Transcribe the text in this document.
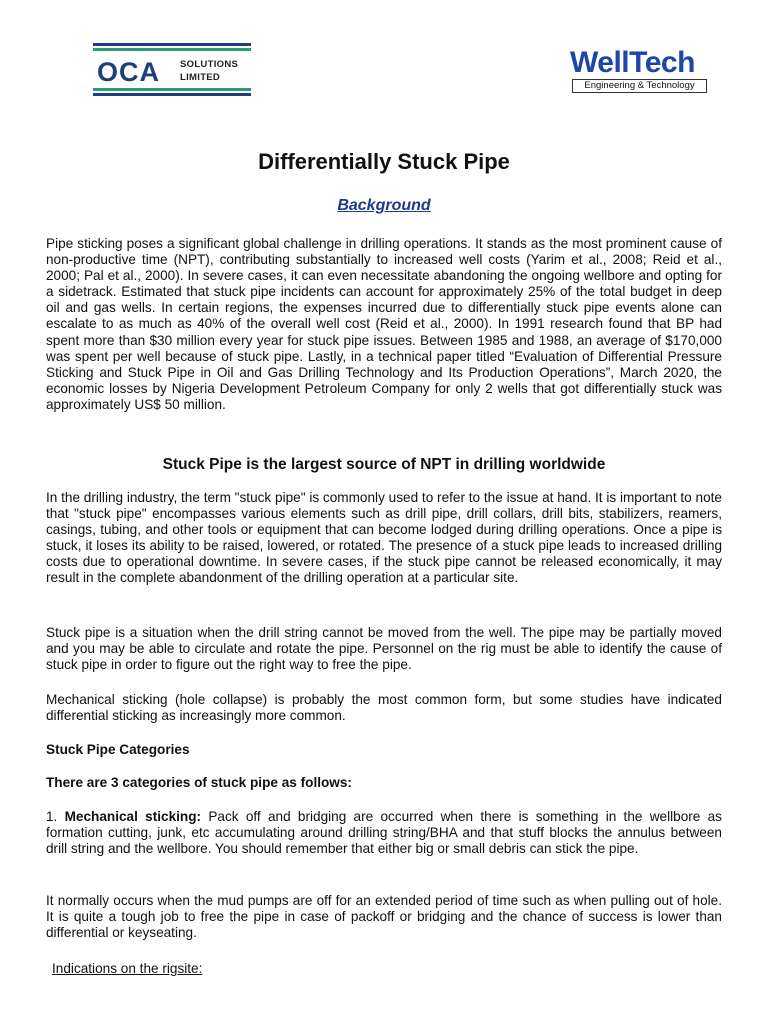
OCA SOLUTIONS
LIMITED	WellTech
Engineering & Technology
Differentially Stuck Pipe
Background

Pipe sticking poses a significant global challenge in drilling operations. It stands as the most prominent cause of non-productive time (NPT), contributing substantially to increased well costs (Yarim et al., 2008; Reid et al., 2000; Pal et al., 2000). In severe cases, it can even necessitate abandoning the ongoing wellbore and opting for a sidetrack. Estimated that stuck pipe incidents can account for approximately 25% of the total budget in deep oil and gas wells. In certain regions, the expenses incurred due to differentially stuck pipe events alone can escalate to as much as 40% of the overall well cost (Reid et al., 2000). In 1991 research found that BP had spent more than $30 million every year for stuck pipe issues. Between 1985 and 1988, an average of $170,000 was spent per well because of stuck pipe. Lastly, in a technical paper titled “Evaluation of Differential Pressure Sticking and Stuck Pipe in Oil and Gas Drilling Technology and Its Production Operations”, March 2020, the economic losses by Nigeria Development Petroleum Company for only 2 wells that got differentially stuck was approximately US$ 50 million.

Stuck Pipe is the largest source of NPT in drilling worldwide

In the drilling industry, the term "stuck pipe" is commonly used to refer to the issue at hand. It is important to note that "stuck pipe" encompasses various elements such as drill pipe, drill collars, drill bits, stabilizers, reamers, casings, tubing, and other tools or equipment that can become lodged during drilling operations. Once a pipe is stuck, it loses its ability to be raised, lowered, or rotated. The presence of a stuck pipe leads to increased drilling costs due to operational downtime. In severe cases, if the stuck pipe cannot be released economically, it may result in the complete abandonment of the drilling operation at a particular site.

Stuck pipe is a situation when the drill string cannot be moved from the well. The pipe may be partially moved and you may be able to circulate and rotate the pipe. Personnel on the rig must be able to identify the cause of stuck pipe in order to figure out the right way to free the pipe.

Mechanical sticking (hole collapse) is probably the most common form, but some studies have indicated differential sticking as increasingly more common.

Stuck Pipe Categories

There are 3 categories of stuck pipe as follows:

1. Mechanical sticking: Pack off and bridging are occurred when there is something in the wellbore as formation cutting, junk, etc accumulating around drilling string/BHA and that stuff blocks the annulus between drill string and the wellbore. You should remember that either big or small debris can stick the pipe.

It normally occurs when the mud pumps are off for an extended period of time such as when pulling out of hole. It is quite a tough job to free the pipe in case of packoff or bridging and the chance of success is lower than differential or keyseating.

Indications on the rigsite:
